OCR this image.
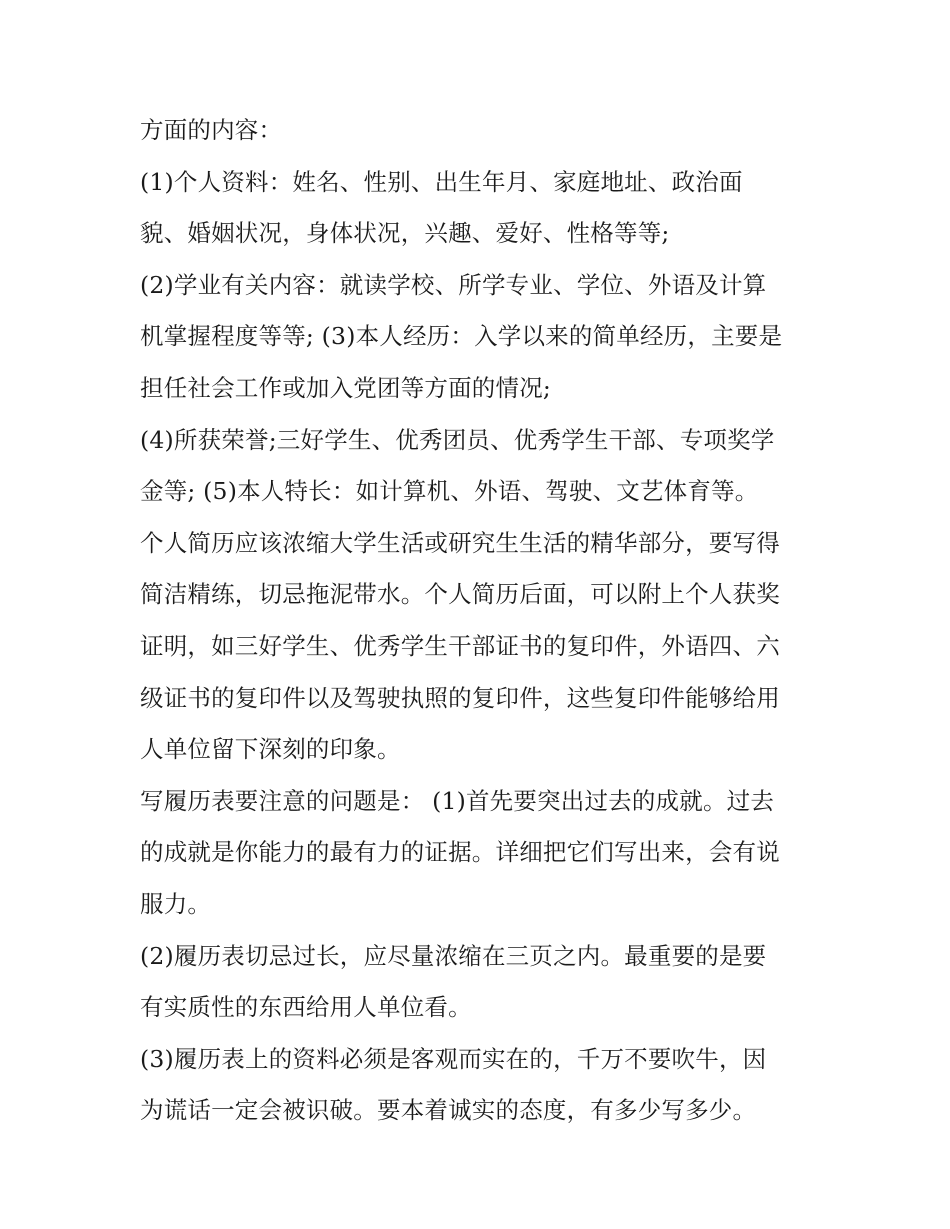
方面的内容：
(1)个人资料：姓名、性别、出生年月、家庭地址、政治面
貌、婚姻状况，身体状况，兴趣、爱好、性格等等;
(2)学业有关内容：就读学校、所学专业、学位、外语及计算
机掌握程度等等; (3)本人经历：入学以来的简单经历，主要是
担任社会工作或加入党团等方面的情况;
(4)所获荣誉;三好学生、优秀团员、优秀学生干部、专项奖学
金等; (5)本人特长：如计算机、外语、驾驶、文艺体育等。
个人简历应该浓缩大学生活或研究生生活的精华部分，要写得
简洁精练，切忌拖泥带水。个人简历后面，可以附上个人获奖
证明，如三好学生、优秀学生干部证书的复印件，外语四、六
级证书的复印件以及驾驶执照的复印件，这些复印件能够给用
人单位留下深刻的印象。
写履历表要注意的问题是： (1)首先要突出过去的成就。过去
的成就是你能力的最有力的证据。详细把它们写出来，会有说
服力。
(2)履历表切忌过长，应尽量浓缩在三页之内。最重要的是要
有实质性的东西给用人单位看。
(3)履历表上的资料必须是客观而实在的，千万不要吹牛，因
为谎话一定会被识破。要本着诚实的态度，有多少写多少。
